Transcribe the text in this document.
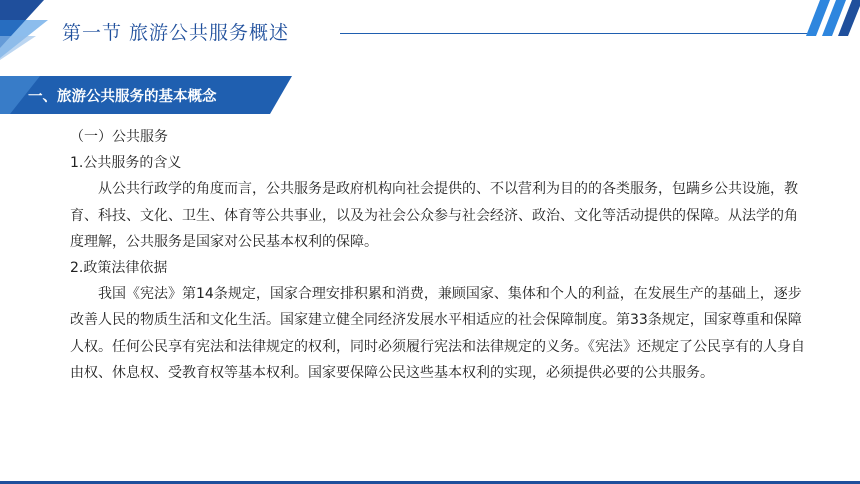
第一节 旅游公共服务概述
一、旅游公共服务的基本概念

（一）公共服务

1.公共服务的含义

从公共行政学的角度而言，公共服务是政府机构向社会提供的、不以营利为目的的各类服务，包蹒乡公共设施，教育、科技、文化、卫生、体育等公共事业，以及为社会公众参与社会经济、政治、文化等活动提供的保障。从法学的角度理解，公共服务是国家对公民基本权利的保障。

2.政策法律依据

我国《宪法》第14条规定，国家合理安排积累和消费，兼顾国家、集体和个人的利益，在发展生产的基础上，逐步改善人民的物质生活和文化生活。国家建立健全同经济发展水平相适应的社会保障制度。第33条规定，国家尊重和保障人权。任何公民享有宪法和法律规定的权利，同时必须履行宪法和法律规定的义务。《宪法》还规定了公民享有的人身自由权、休息权、受教育权等基本权利。国家要保障公民这些基本权利的实现，必须提供必要的公共服务。
